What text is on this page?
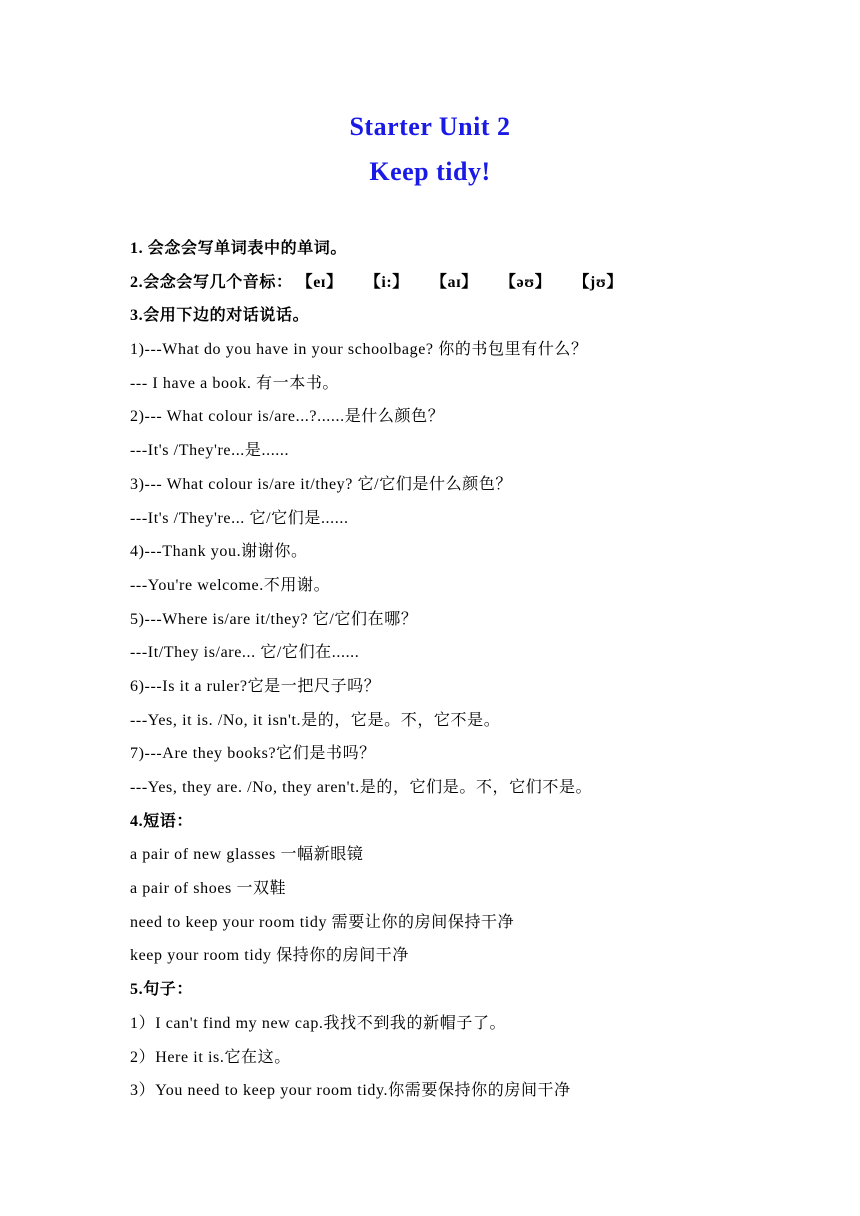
Starter Unit 2
Keep tidy!
1. 会念会写单词表中的单词。
2.会念会写几个音标： 【eɪ】 【i:】 【aɪ】 【əʊ】 【jʊ】
3.会用下边的对话说话。
1)---What do you have in your schoolbage? 你的书包里有什么？
--- I have a book. 有一本书。
2)--- What colour is/are...?......是什么颜色？
---It's /They're...是......
3)--- What colour is/are it/they? 它/它们是什么颜色？
---It's /They're... 它/它们是......
4)---Thank you.谢谢你。
---You're welcome.不用谢。
5)---Where is/are it/they? 它/它们在哪？
---It/They is/are... 它/它们在......
6)---Is it a ruler?它是一把尺子吗？
---Yes, it is. /No, it isn't.是的，它是。不，它不是。
7)---Are they books?它们是书吗？
---Yes, they are. /No, they aren't.是的，它们是。不，它们不是。
4.短语：
a pair of new glasses 一幅新眼镜
a pair of shoes 一双鞋
need to keep your room tidy 需要让你的房间保持干净
keep your room tidy 保持你的房间干净
5.句子：
1）I can't find my new cap.我找不到我的新帽子了。
2）Here it is.它在这。
3）You need to keep your room tidy.你需要保持你的房间干净
